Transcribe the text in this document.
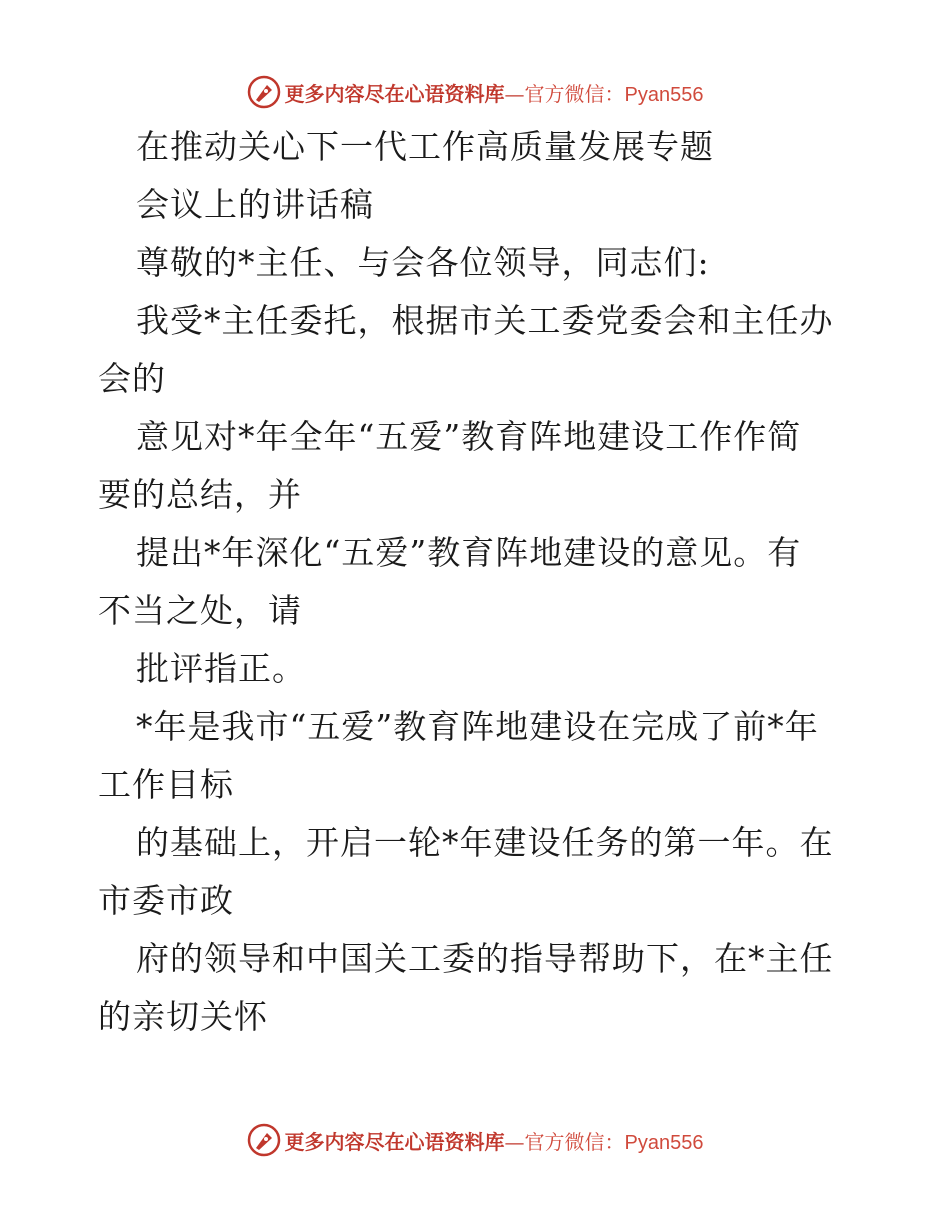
更多内容尽在心语资料库—官方微信：Pyan556
在推动关心下一代工作高质量发展专题
会议上的讲话稿
尊敬的*主任、与会各位领导，同志们:
我受*主任委托，根据市关工委党委会和主任办
会的
意见对*年全年“五爱”教育阵地建设工作作简
要的总结，并
提出*年深化“五爱”教育阵地建设的意见。有
不当之处，请
批评指正。
*年是我市“五爱”教育阵地建设在完成了前*年
工作目标
的基础上，开启一轮*年建设任务的第一年。在
市委市政
府的领导和中国关工委的指导帮助下，在*主任
的亲切关怀
更多内容尽在心语资料库—官方微信：Pyan556
